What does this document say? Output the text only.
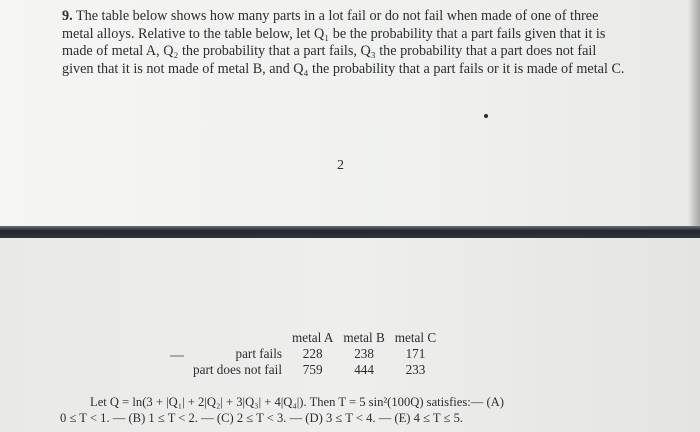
9. The table below shows how many parts in a lot fail or do not fail when made of one of three metal alloys. Relative to the table below, let Q₁ be the probability that a part fails given that it is made of metal A, Q₂ the probability that a part fails, Q₃ the probability that a part does not fail given that it is not made of metal B, and Q₄ the probability that a part fails or it is made of metal C.
2
	metal A	metal B	metal C
part fails	228	238	171
part does not fail	759	444	233
Let Q = ln(3 + |Q₁| + 2|Q₂| + 3|Q₃| + 4|Q₄|). Then T = 5 sin²(100Q) satisfies:— (A)
0 ≤ T < 1. — (B) 1 ≤ T < 2. — (C) 2 ≤ T < 3. — (D) 3 ≤ T < 4. — (E) 4 ≤ T ≤ 5.
